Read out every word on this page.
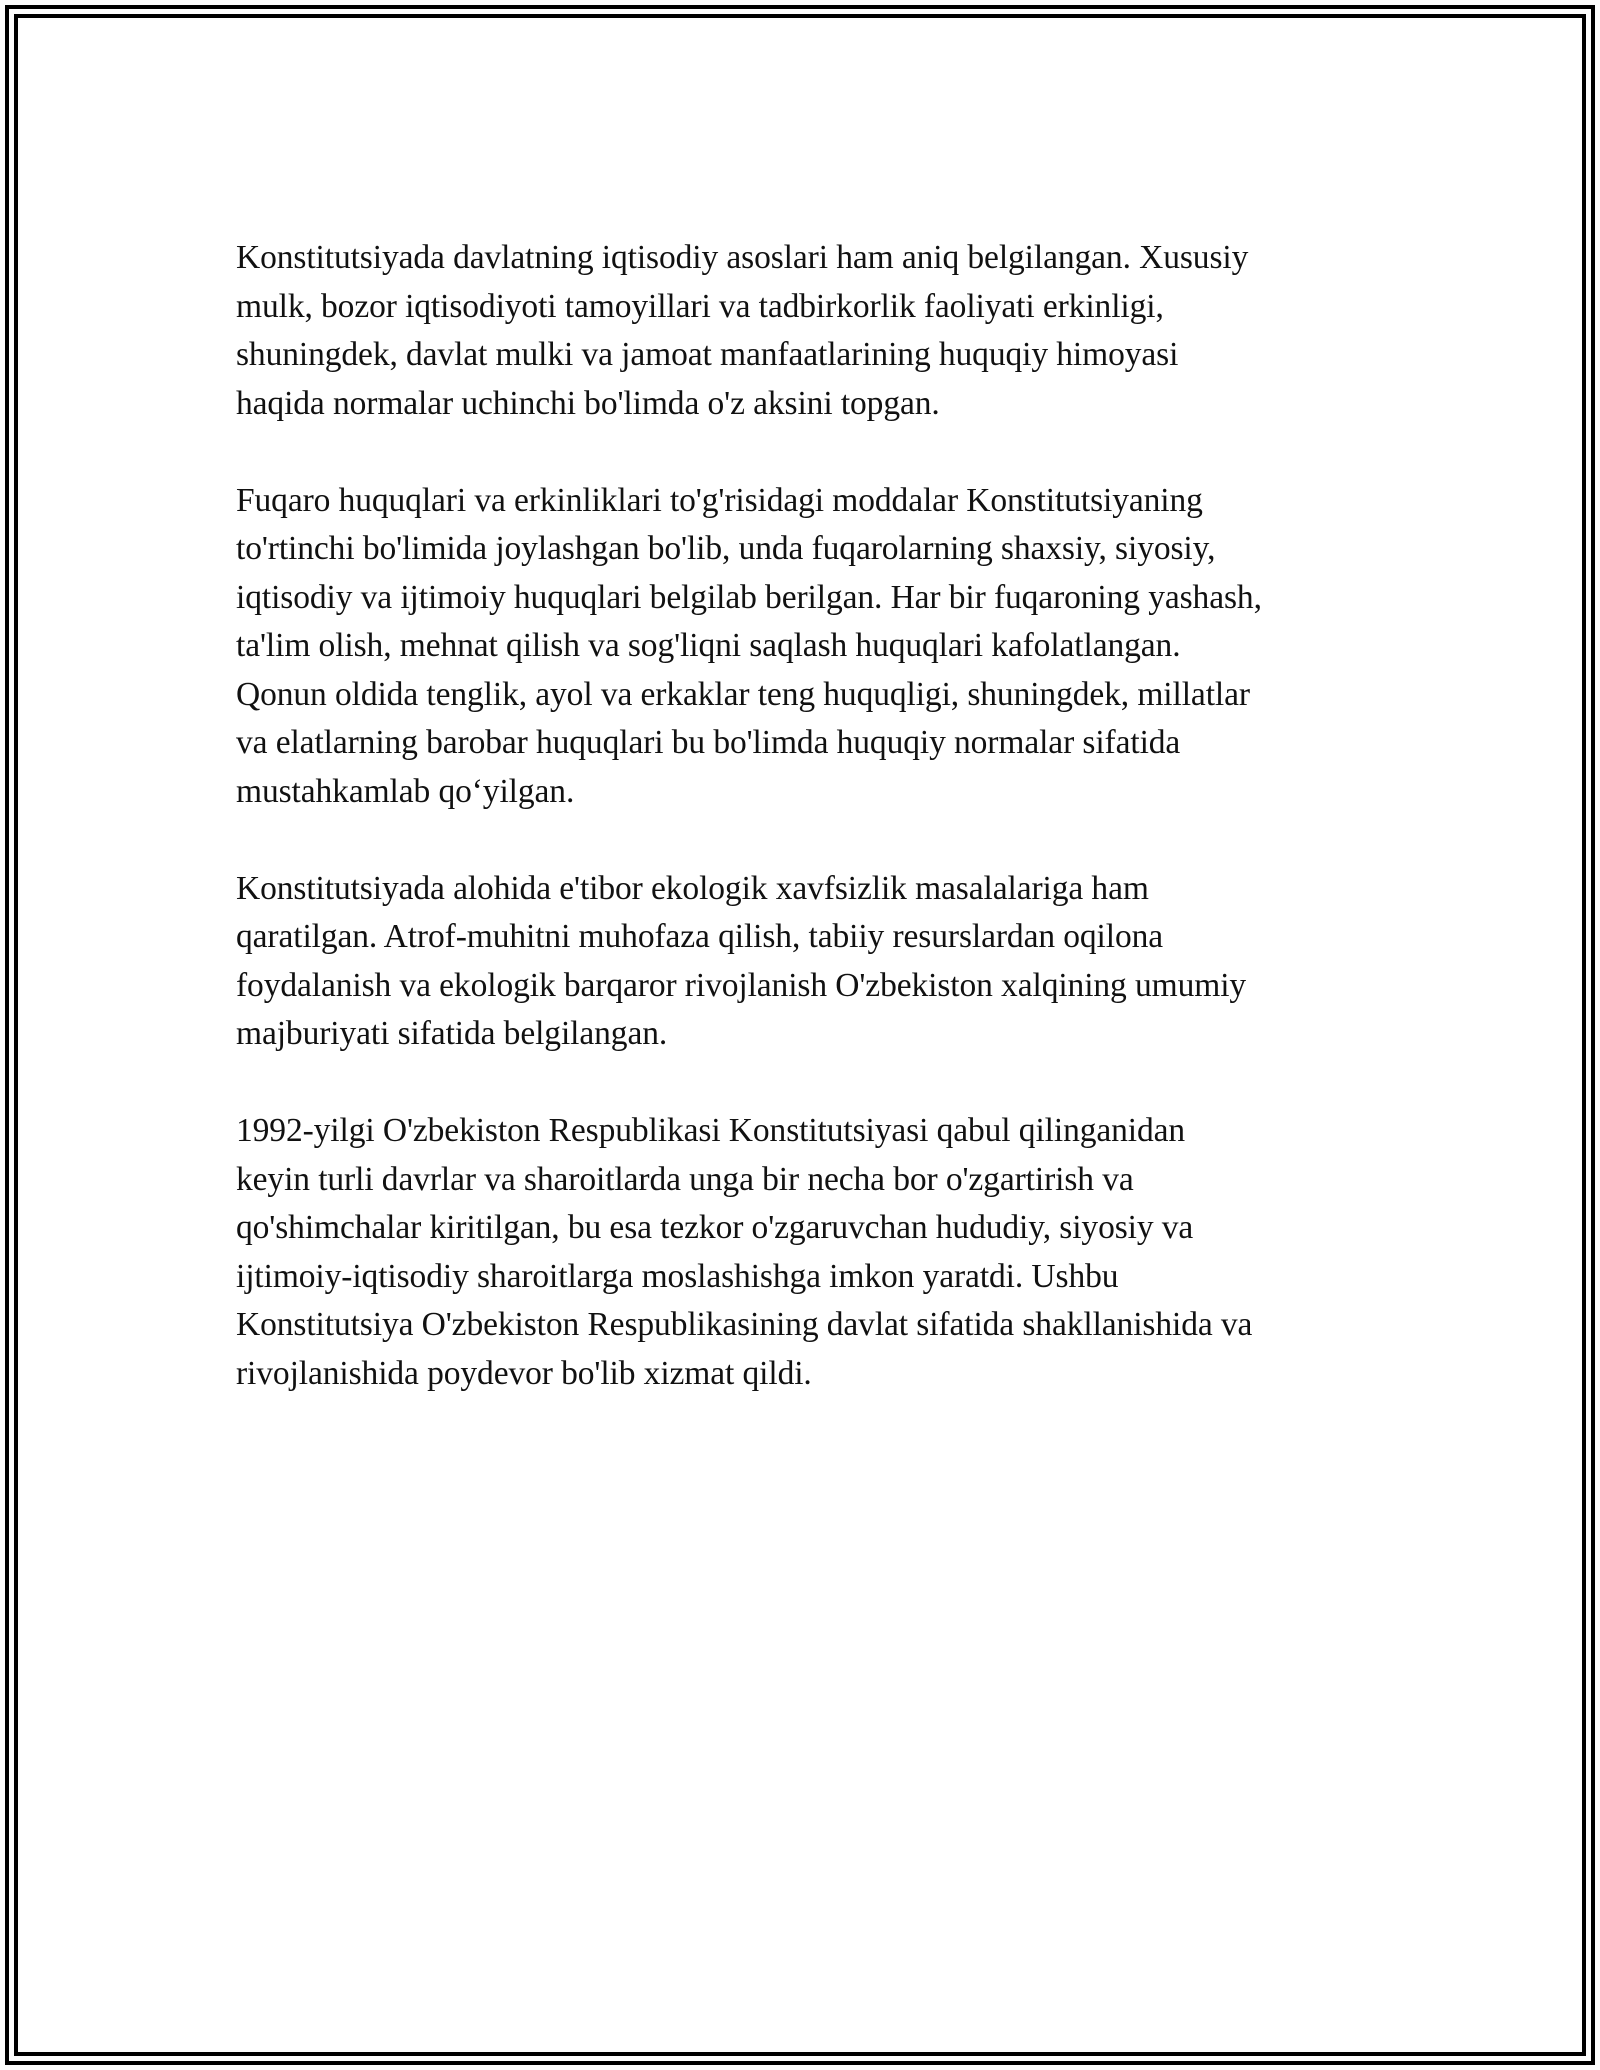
Konstitutsiyada davlatning iqtisodiy asoslari ham aniq belgilangan. Xususiy
mulk, bozor iqtisodiyoti tamoyillari va tadbirkorlik faoliyati erkinligi,
shuningdek, davlat mulki va jamoat manfaatlarining huquqiy himoyasi
haqida normalar uchinchi bo'limda o'z aksini topgan.

Fuqaro huquqlari va erkinliklari to'g'risidagi moddalar Konstitutsiyaning
to'rtinchi bo'limida joylashgan bo'lib, unda fuqarolarning shaxsiy, siyosiy,
iqtisodiy va ijtimoiy huquqlari belgilab berilgan. Har bir fuqaroning yashash,
ta'lim olish, mehnat qilish va sog'liqni saqlash huquqlari kafolatlangan.
Qonun oldida tenglik, ayol va erkaklar teng huquqligi, shuningdek, millatlar
va elatlarning barobar huquqlari bu bo'limda huquqiy normalar sifatida
mustahkamlab qo‘yilgan.

Konstitutsiyada alohida e'tibor ekologik xavfsizlik masalalariga ham
qaratilgan. Atrof-muhitni muhofaza qilish, tabiiy resurslardan oqilona
foydalanish va ekologik barqaror rivojlanish O'zbekiston xalqining umumiy
majburiyati sifatida belgilangan.

1992-yilgi O'zbekiston Respublikasi Konstitutsiyasi qabul qilinganidan
keyin turli davrlar va sharoitlarda unga bir necha bor o'zgartirish va
qo'shimchalar kiritilgan, bu esa tezkor o'zgaruvchan hududiy, siyosiy va
ijtimoiy-iqtisodiy sharoitlarga moslashishga imkon yaratdi. Ushbu
Konstitutsiya O'zbekiston Respublikasining davlat sifatida shakllanishida va
rivojlanishida poydevor bo'lib xizmat qildi.
